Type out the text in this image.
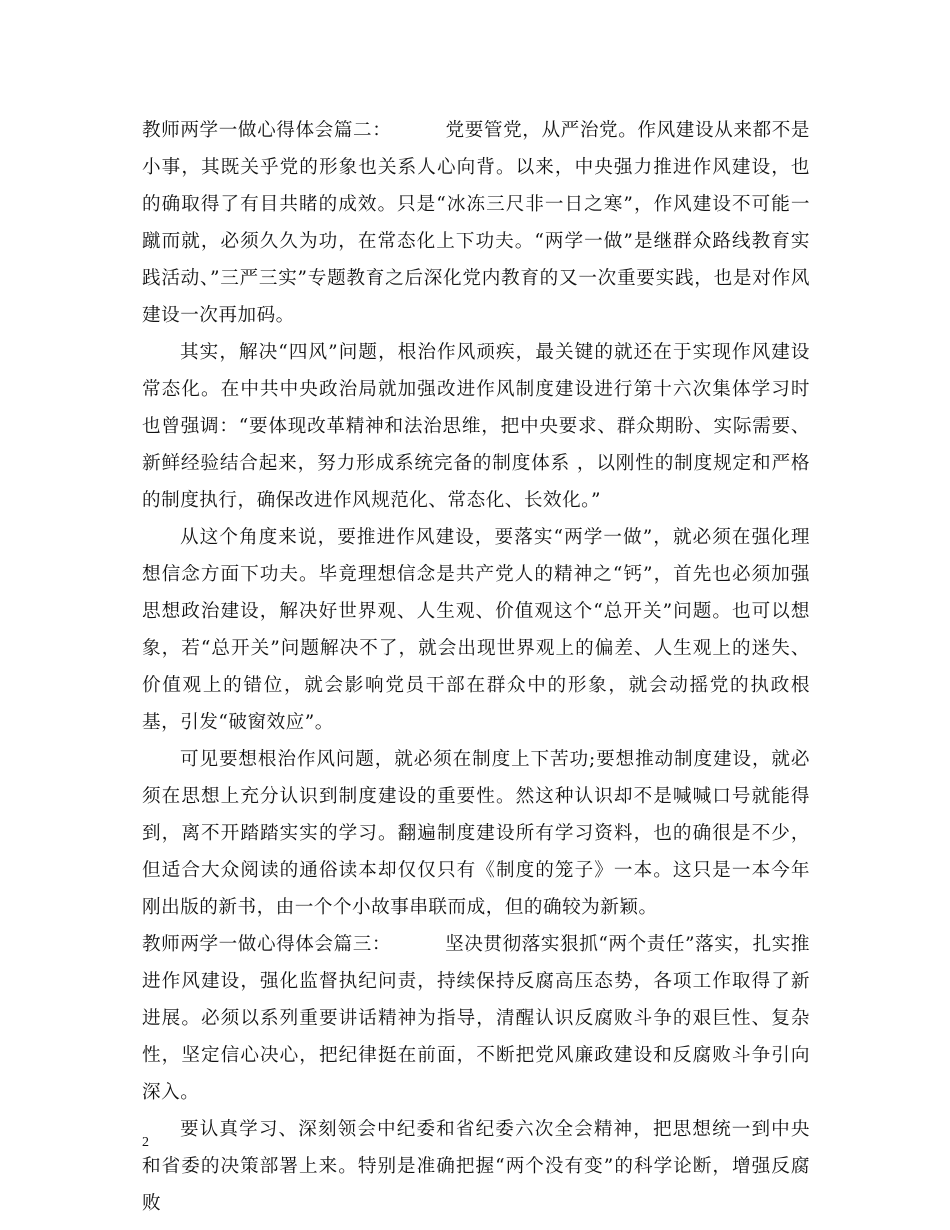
教师两学一做心得体会篇二：	党要管党，从严治党。作风建设从来都不是小事，其既关乎党的形象也关系人心向背。以来，中央强力推进作风建设，也的确取得了有目共睹的成效。只是“冰冻三尺非一日之寒”，作风建设不可能一蹴而就，必须久久为功，在常态化上下功夫。“两学一做”是继群众路线教育实践活动、”三严三实”专题教育之后深化党内教育的又一次重要实践，也是对作风建设一次再加码。

其实，解决“四风”问题，根治作风顽疾，最关键的就还在于实现作风建设常态化。在中共中央政治局就加强改进作风制度建设进行第十六次集体学习时也曾强调：“要体现改革精神和法治思维，把中央要求、群众期盼、实际需要、新鲜经验结合起来，努力形成系统完备的制度体系 ，以刚性的制度规定和严格的制度执行，确保改进作风规范化、常态化、长效化。”

从这个角度来说，要推进作风建设，要落实“两学一做”，就必须在强化理想信念方面下功夫。毕竟理想信念是共产党人的精神之“钙”，首先也必须加强思想政治建设，解决好世界观、人生观、价值观这个“总开关”问题。也可以想象，若“总开关”问题解决不了，就会出现世界观上的偏差、人生观上的迷失、价值观上的错位，就会影响党员干部在群众中的形象，就会动摇党的执政根基，引发“破窗效应”。

可见要想根治作风问题，就必须在制度上下苦功;要想推动制度建设，就必须在思想上充分认识到制度建设的重要性。然这种认识却不是喊喊口号就能得到，离不开踏踏实实的学习。翻遍制度建设所有学习资料，也的确很是不少，但适合大众阅读的通俗读本却仅仅只有《制度的笼子》一本。这只是一本今年刚出版的新书，由一个个小故事串联而成，但的确较为新颖。

教师两学一做心得体会篇三：	坚决贯彻落实狠抓“两个责任”落实，扎实推进作风建设，强化监督执纪问责，持续保持反腐高压态势，各项工作取得了新进展。必须以系列重要讲话精神为指导，清醒认识反腐败斗争的艰巨性、复杂性，坚定信心决心，把纪律挺在前面，不断把党风廉政建设和反腐败斗争引向深入。

要认真学习、深刻领会中纪委和省纪委六次全会精神，把思想统一到中央和省委的决策部署上来。特别是准确把握“两个没有变”的科学论断，增强反腐败

2
